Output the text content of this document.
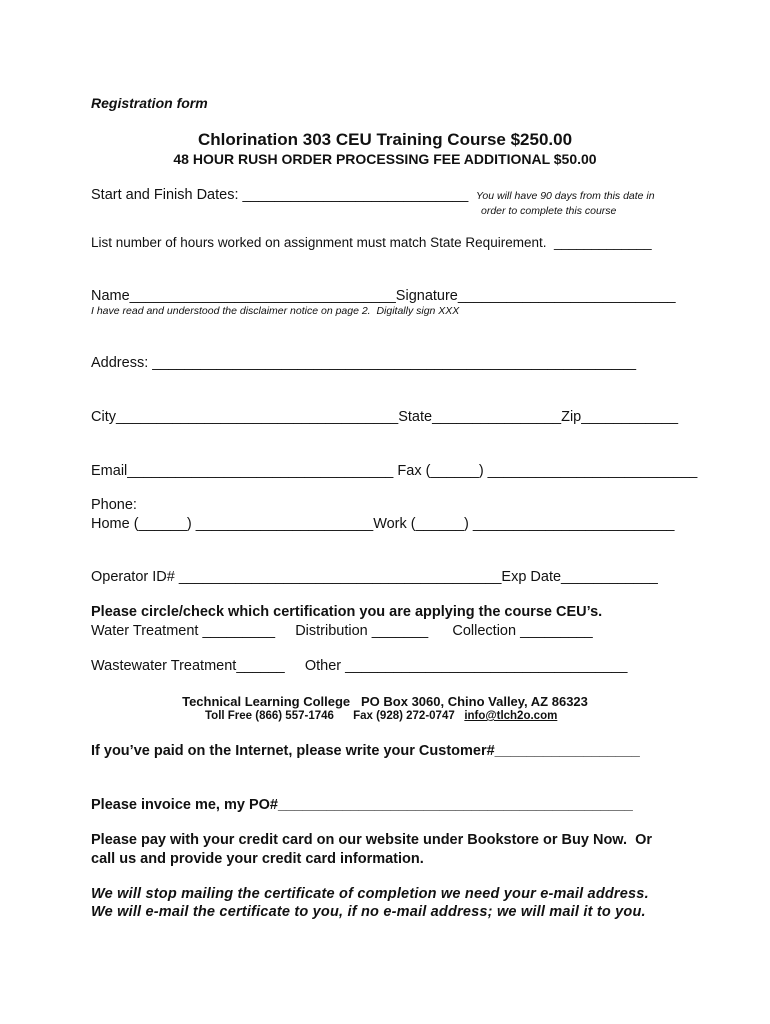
Registration form
Chlorination 303 CEU Training Course $250.00
48 HOUR RUSH ORDER PROCESSING FEE ADDITIONAL $50.00
Start and Finish Dates: ____________________________ You will have 90 days from this date in
order to complete this course
List number of hours worked on assignment must match State Requirement.  _____________
Name_________________________________Signature___________________________
I have read and understood the disclaimer notice on page 2.  Digitally sign XXX
Address: ____________________________________________________________
City___________________________________State________________Zip____________
Email_________________________________ Fax (______) __________________________
Phone:
Home (______) ______________________Work (______) _________________________
Operator ID# ________________________________________Exp Date____________
Please circle/check which certification you are applying the course CEU’s.
Water Treatment _________     Distribution _______      Collection _________
Wastewater Treatment______     Other ___________________________________
Technical Learning College   PO Box 3060, Chino Valley, AZ 86323
Toll Free (866) 557-1746      Fax (928) 272-0747   info@tlch2o.com
If you’ve paid on the Internet, please write your Customer#__________________
Please invoice me, my PO#____________________________________________
Please pay with your credit card on our website under Bookstore or Buy Now.  Or
call us and provide your credit card information.
We will stop mailing the certificate of completion we need your e-mail address.
We will e-mail the certificate to you, if no e-mail address; we will mail it to you.
